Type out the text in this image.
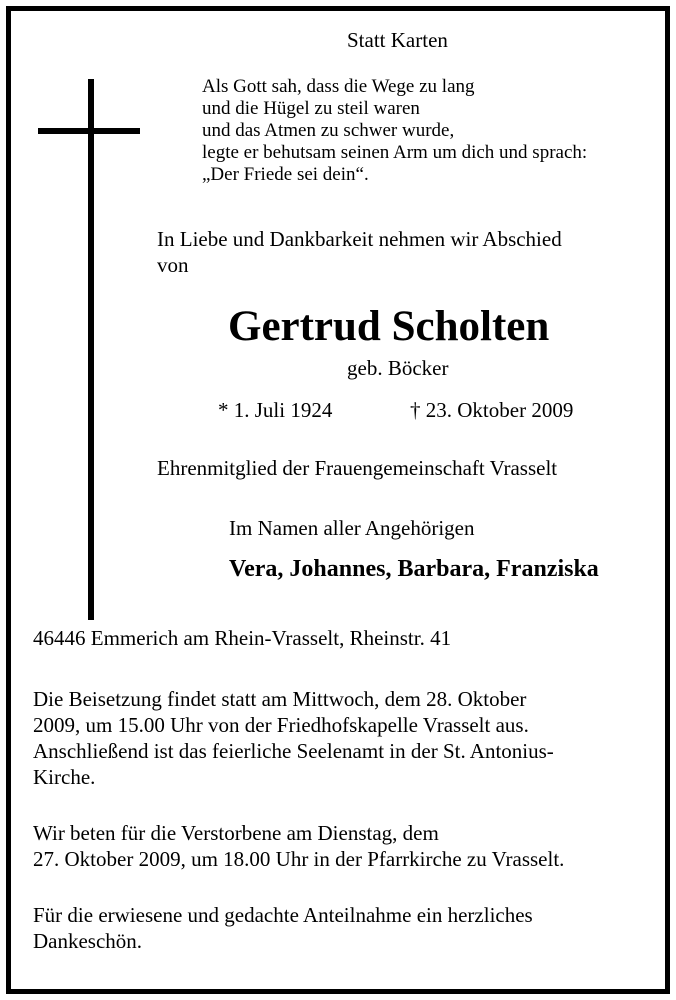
Statt Karten
Als Gott sah, dass die Wege zu lang
und die Hügel zu steil waren
und das Atmen zu schwer wurde,
legte er behutsam seinen Arm um dich und sprach:
„Der Friede sei dein“.
In Liebe und Dankbarkeit nehmen wir Abschied
von
Gertrud Scholten
geb. Böcker
* 1. Juli 1924	† 23. Oktober 2009
Ehrenmitglied der Frauengemeinschaft Vrasselt
Im Namen aller Angehörigen
Vera, Johannes, Barbara, Franziska
46446 Emmerich am Rhein-Vrasselt, Rheinstr. 41
Die Beisetzung findet statt am Mittwoch, dem 28. Oktober
2009, um 15.00 Uhr von der Friedhofskapelle Vrasselt aus.
Anschließend ist das feierliche Seelenamt in der St. Antonius-
Kirche.
Wir beten für die Verstorbene am Dienstag, dem
27. Oktober 2009, um 18.00 Uhr in der Pfarrkirche zu Vrasselt.
Für die erwiesene und gedachte Anteilnahme ein herzliches
Dankeschön.
